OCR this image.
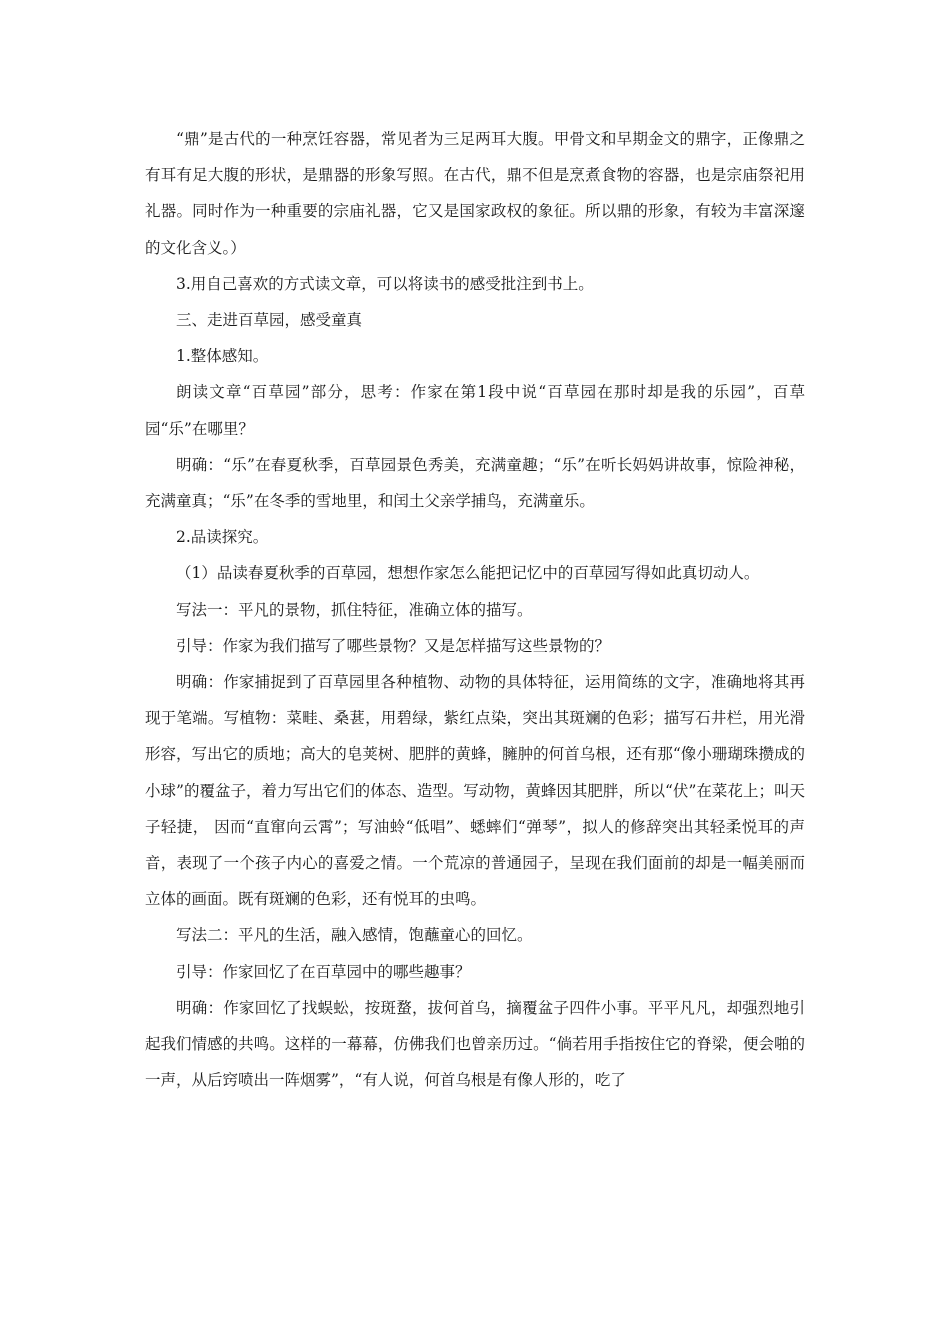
“鼎”是古代的一种烹饪容器，常见者为三足两耳大腹。甲骨文和早期金文的鼎字，正像鼎之有耳有足大腹的形状，是鼎器的形象写照。在古代，鼎不但是烹煮食物的容器，也是宗庙祭祀用礼器。同时作为一种重要的宗庙礼器，它又是国家政权的象征。所以鼎的形象，有较为丰富深邃的文化含义。）

3.用自己喜欢的方式读文章，可以将读书的感受批注到书上。

三、走进百草园，感受童真

1.整体感知。

朗读文章“百草园”部分，思考：作家在第1段中说“百草园在那时却是我的乐园”，百草园“乐”在哪里？

明确：“乐”在春夏秋季，百草园景色秀美，充满童趣；“乐”在听长妈妈讲故事，惊险神秘，充满童真；“乐”在冬季的雪地里，和闰土父亲学捕鸟，充满童乐。

2.品读探究。

（1）品读春夏秋季的百草园，想想作家怎么能把记忆中的百草园写得如此真切动人。

写法一：平凡的景物，抓住特征，准确立体的描写。

引导：作家为我们描写了哪些景物？又是怎样描写这些景物的？

明确：作家捕捉到了百草园里各种植物、动物的具体特征，运用简练的文字，准确地将其再现于笔端。写植物：菜畦、桑葚，用碧绿，紫红点染，突出其斑斓的色彩；描写石井栏，用光滑形容，写出它的质地；高大的皂荚树、肥胖的黄蜂，臃肿的何首乌根，还有那“像小珊瑚珠攒成的小球”的覆盆子，着力写出它们的体态、造型。写动物，黄蜂因其肥胖，所以“伏”在菜花上；叫天子轻捷， 因而“直窜向云霄”；写油蛉“低唱”、蟋蟀们“弹琴”，拟人的修辞突出其轻柔悦耳的声音，表现了一个孩子内心的喜爱之情。一个荒凉的普通园子，呈现在我们面前的却是一幅美丽而立体的画面。既有斑斓的色彩，还有悦耳的虫鸣。

写法二：平凡的生活，融入感情，饱蘸童心的回忆。

引导：作家回忆了在百草园中的哪些趣事？

明确：作家回忆了找蜈蚣，按斑蝥，拔何首乌，摘覆盆子四件小事。平平凡凡，却强烈地引起我们情感的共鸣。这样的一幕幕，仿佛我们也曾亲历过。“倘若用手指按住它的脊梁，便会啪的一声，从后窍喷出一阵烟雾”，“有人说，何首乌根是有像人形的，吃了
